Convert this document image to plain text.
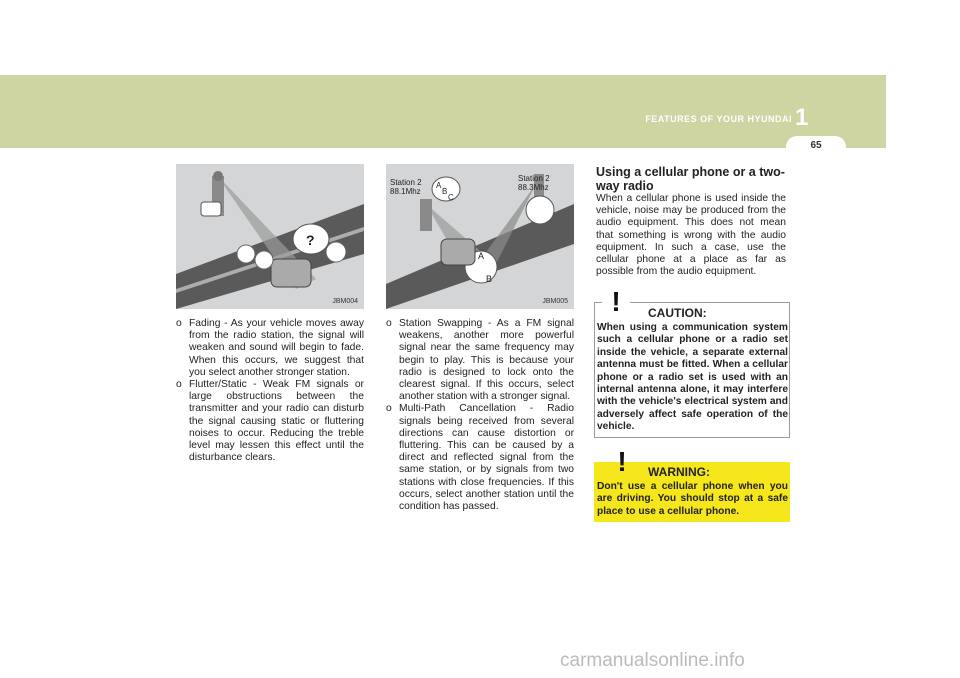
FEATURES OF YOUR HYUNDAI 1
65
?
JBM004
Station 2
88.1Mhz
Station 2
88.3Mhz
A
B
C
A
B
JBM005

o Fading - As your vehicle moves away from the radio station, the signal will weaken and sound will begin to fade. When this occurs, we suggest that you select another stronger station.

o Flutter/Static - Weak FM signals or large obstructions between the transmitter and your radio can disturb the signal causing static or fluttering noises to occur. Reducing the treble level may lessen this effect until the disturbance clears.

o Station Swapping - As a FM signal weakens, another more powerful signal near the same frequency may begin to play. This is because your radio is designed to lock onto the clearest signal. If this occurs, select another station with a stronger signal.

o Multi-Path Cancellation - Radio signals being received from several directions can cause distortion or fluttering. This can be caused by a direct and reflected signal from the same station, or by signals from two stations with close frequencies. If this occurs, select another station until the condition has passed.

Using a cellular phone or a two-way radio

When a cellular phone is used inside the vehicle, noise may be produced from the audio equipment. This does not mean that something is wrong with the audio equipment. In such a case, use the cellular phone at a place as far as possible from the audio equipment.

!	CAUTION:
When using a communication system such a cellular phone or a radio set inside the vehicle, a separate external antenna must be fitted. When a cellular phone or a radio set is used with an internal antenna alone, it may interfere with the vehicle's electrical system and adversely affect safe operation of the vehicle.
!	WARNING:
Don't use a cellular phone when you are driving. You should stop at a safe place to use a cellular phone.
carmanualsonline.info
